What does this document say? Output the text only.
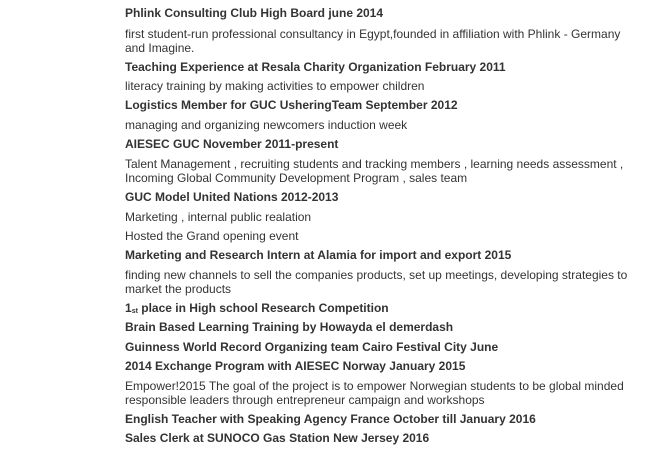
Phlink Consulting Club High Board june 2014

first student-run professional consultancy in Egypt,founded in affiliation with Phlink - Germany and Imagine.

Teaching Experience at Resala Charity Organization February 2011

literacy training by making activities to empower children

Logistics Member for GUC UsheringTeam September 2012

managing and organizing newcomers induction week

AIESEC GUC November 2011-present

Talent Management , recruiting students and tracking members , learning needs assessment , Incoming Global Community Development Program , sales team

GUC Model United Nations 2012-2013

Marketing , internal public realation

Hosted the Grand opening event

Marketing and Research Intern at Alamia for import and export 2015

finding new channels to sell the companies products, set up meetings, developing strategies to market the products

1st place in High school Research Competition

Brain Based Learning Training by Howayda el demerdash

Guinness World Record Organizing team Cairo Festival City June

2014 Exchange Program with AIESEC Norway January 2015

Empower!2015 The goal of the project is to empower Norwegian students to be global minded responsible leaders through entrepreneur campaign and workshops

English Teacher with Speaking Agency France October till January 2016

Sales Clerk at SUNOCO Gas Station New Jersey 2016
